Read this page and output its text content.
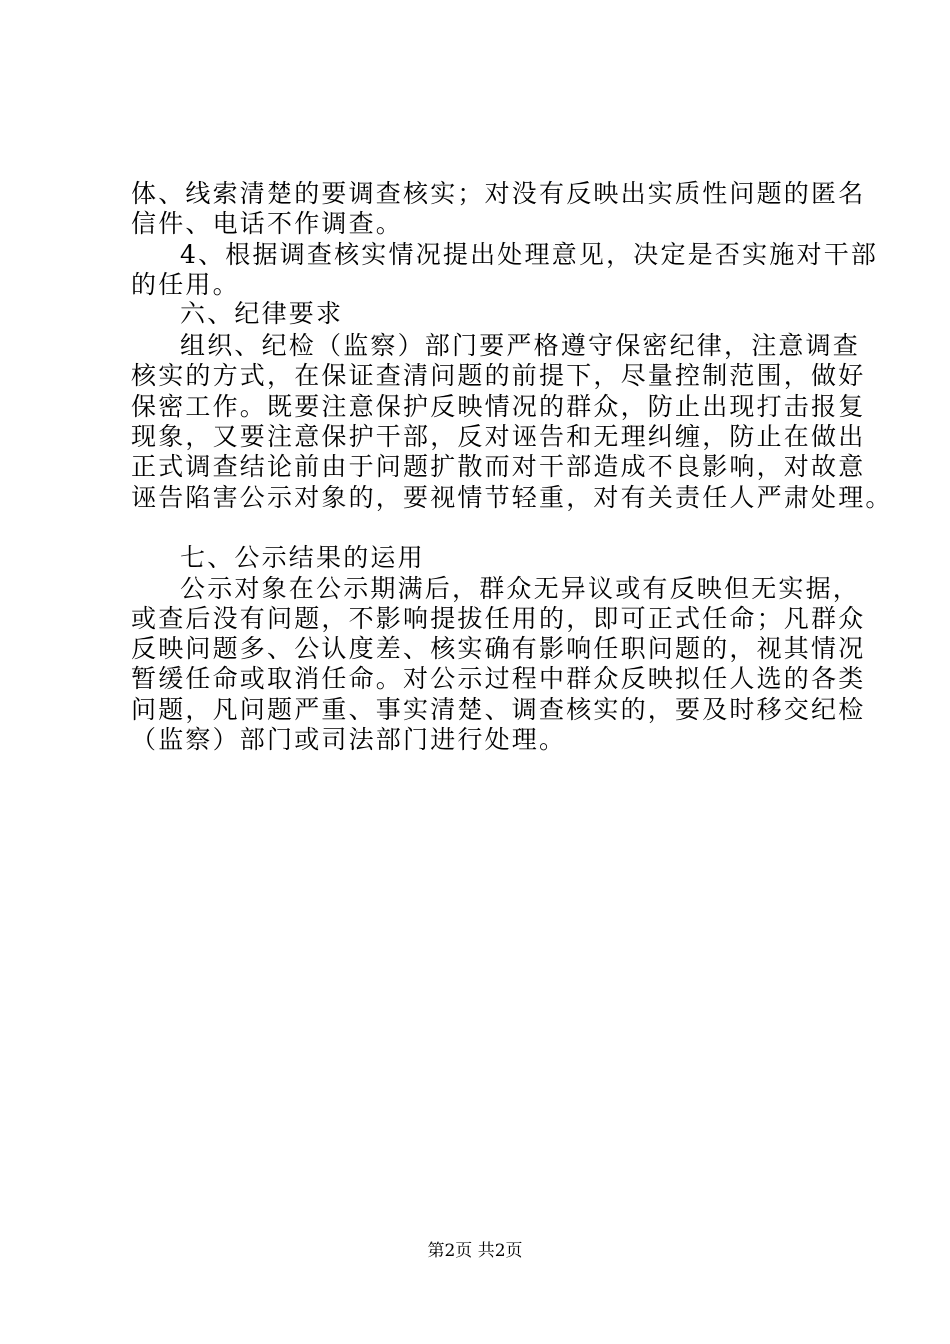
体、线索清楚的要调查核实；对没有反映出实质性问题的匿名
信件、电话不作调查。
4、根据调查核实情况提出处理意见，决定是否实施对干部
的任用。
六、纪律要求
组织、纪检（监察）部门要严格遵守保密纪律，注意调查
核实的方式，在保证查清问题的前提下，尽量控制范围，做好
保密工作。既要注意保护反映情况的群众，防止出现打击报复
现象，又要注意保护干部，反对诬告和无理纠缠，防止在做出
正式调查结论前由于问题扩散而对干部造成不良影响，对故意
诬告陷害公示对象的，要视情节轻重，对有关责任人严肃处理。
七、公示结果的运用
公示对象在公示期满后，群众无异议或有反映但无实据，
或查后没有问题，不影响提拔任用的，即可正式任命；凡群众
反映问题多、公认度差、核实确有影响任职问题的，视其情况
暂缓任命或取消任命。对公示过程中群众反映拟任人选的各类
问题，凡问题严重、事实清楚、调查核实的，要及时移交纪检
（监察）部门或司法部门进行处理。
第2页 共2页
